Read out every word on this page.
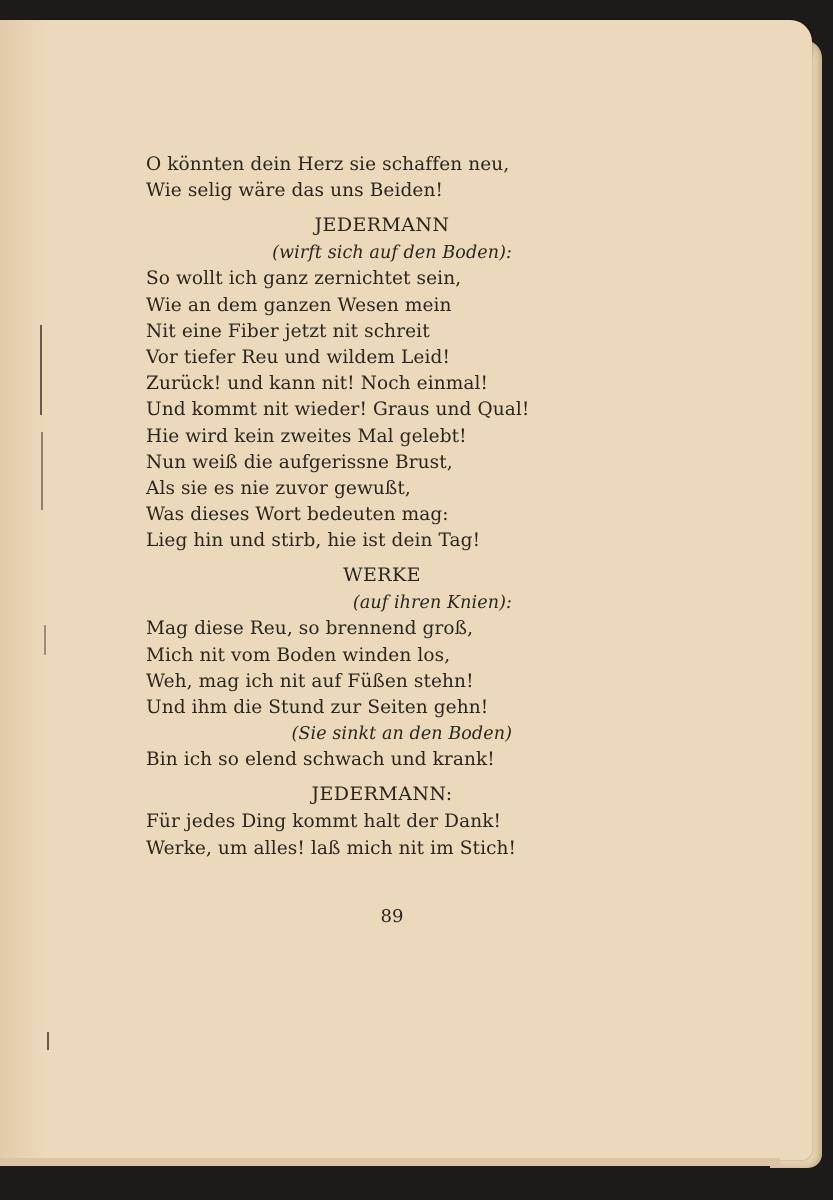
O könnten dein Herz sie schaffen neu,
Wie selig wäre das uns Beiden!
JEDERMANN
(wirft sich auf den Boden):
So wollt ich ganz zernichtet sein,
Wie an dem ganzen Wesen mein
Nit eine Fiber jetzt nit schreit
Vor tiefer Reu und wildem Leid!
Zurück! und kann nit! Noch einmal!
Und kommt nit wieder! Graus und Qual!
Hie wird kein zweites Mal gelebt!
Nun weiß die aufgerissne Brust,
Als sie es nie zuvor gewußt,
Was dieses Wort bedeuten mag:
Lieg hin und stirb, hie ist dein Tag!
WERKE
(auf ihren Knien):
Mag diese Reu, so brennend groß,
Mich nit vom Boden winden los,
Weh, mag ich nit auf Füßen stehn!
Und ihm die Stund zur Seiten gehn!
(Sie sinkt an den Boden)
Bin ich so elend schwach und krank!
JEDERMANN:
Für jedes Ding kommt halt der Dank!
Werke, um alles! laß mich nit im Stich!
89
